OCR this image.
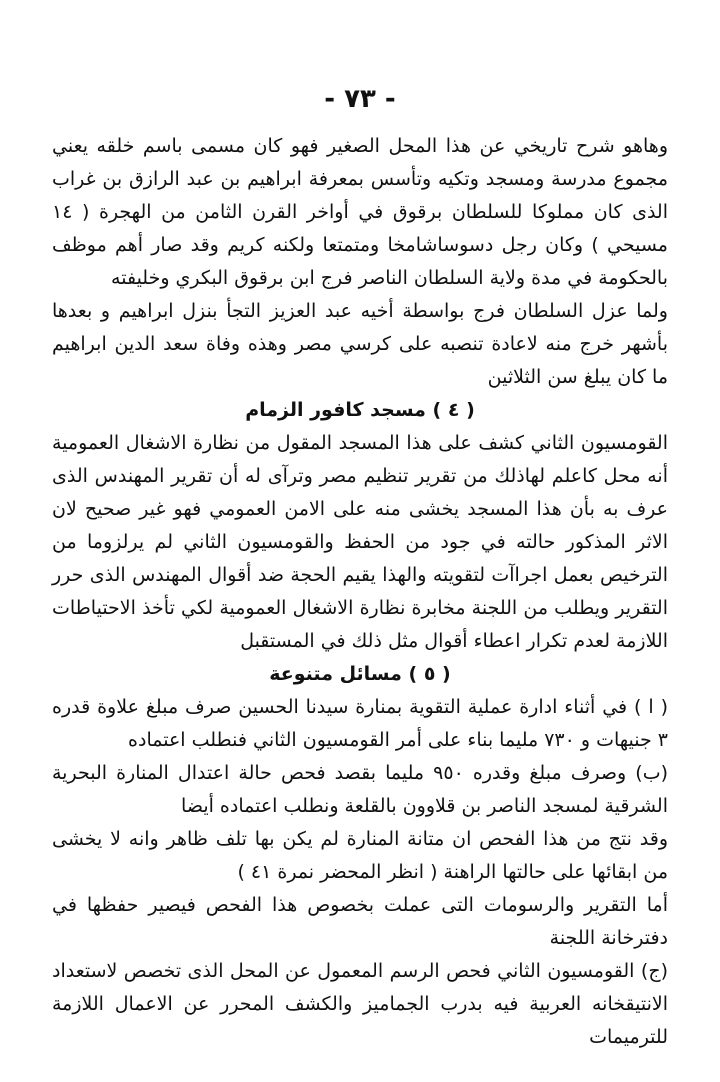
- ٧٣ -

وهاهو شرح تاريخي عن هذا المحل الصغير فهو كان مسمى باسم خلقه يعني مجموع مدرسة ومسجد وتكيه وتأسس بمعرفة ابراهيم بن عبد الرازق بن غراب الذى كان مملوكا للسلطان برقوق في أواخر القرن الثامن من الهجرة ( ١٤ مسيحي ) وكان رجل دسوساشامخا ومتمتعا ولكنه كريم وقد صار أهم موظف بالحكومة في مدة ولاية السلطان الناصر فرج ابن برقوق البكري وخليفته

ولما عزل السلطان فرج بواسطة أخيه عبد العزيز التجأ بنزل ابراهيم و بعدها بأشهر خرج منه لاعادة تنصبه على كرسي مصر وهذه وفاة سعد الدين ابراهيم ما كان يبلغ سن الثلاثين

( ٤ ) مسجد كافور الزمام

القومسيون الثاني كشف على هذا المسجد المقول من نظارة الاشغال العمومية أنه محل كاعلم لهاذلك من تقرير تنظيم مصر وترآى له أن تقرير المهندس الذى عرف به بأن هذا المسجد يخشى منه على الامن العمومي فهو غير صحيح لان الاثر المذكور حالته في جود من الحفظ والقومسيون الثاني لم يرلزوما من الترخيص بعمل اجراآت لتقويته والهذا يقيم الحجة ضد أقوال المهندس الذى حرر التقرير ويطلب من اللجنة مخابرة نظارة الاشغال العمومية لكي تأخذ الاحتياطات اللازمة لعدم تكرار اعطاء أقوال مثل ذلك في المستقبل

( ٥ ) مسائل متنوعة

( ا ) في أثناء ادارة عملية التقوية بمنارة سيدنا الحسين صرف مبلغ علاوة قدره ٣ جنيهات و ٧٣٠ مليما بناء على أمر القومسيون الثاني فنطلب اعتماده

(ب) وصرف مبلغ وقدره ٩٥٠ مليما بقصد فحص حالة اعتدال المنارة البحرية الشرقية لمسجد الناصر بن قلاوون بالقلعة ونطلب اعتماده أيضا

وقد نتج من هذا الفحص ان متانة المنارة لم يكن بها تلف ظاهر وانه لا يخشى من ابقائها على حالتها الراهنة ( انظر المحضر نمرة ٤١ )

أما التقرير والرسومات التى عملت بخصوص هذا الفحص فيصير حفظها في دفترخانة اللجنة

(ج) القومسيون الثاني فحص الرسم المعمول عن المحل الذى تخصص لاستعداد الانتيقخانه العربية فيه بدرب الجماميز والكشف المحرر عن الاعمال اللازمة للترميمات
